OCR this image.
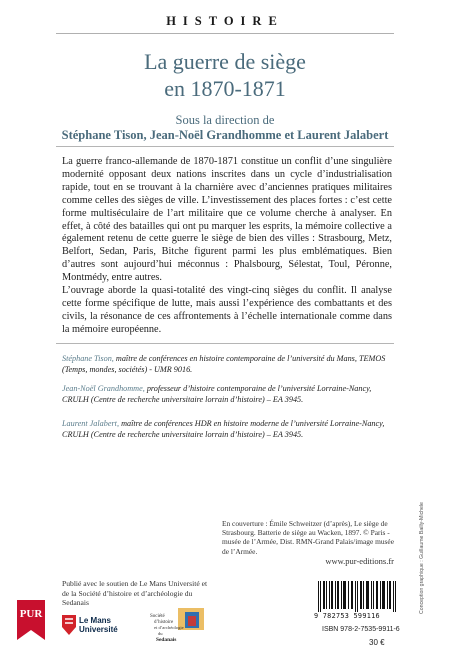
HISTOIRE
La guerre de siège
en 1870-1871
Sous la direction de
Stéphane Tison, Jean-Noël Grandhomme et Laurent Jalabert

La guerre franco-allemande de 1870-1871 constitue un conflit d’une singulière modernité opposant deux nations inscrites dans un cycle d’industrialisation rapide, tout en se trouvant à la charnière avec d’anciennes pratiques militaires comme celles des sièges de ville. L’investissement des places fortes : c’est cette forme multiséculaire de l’art militaire que ce volume cherche à analyser. En effet, à côté des batailles qui ont pu marquer les esprits, la mémoire collective a également retenu de cette guerre le siège de bien des villes : Strasbourg, Metz, Belfort, Sedan, Paris, Bitche figurent parmi les plus emblématiques. Bien d’autres sont aujourd’hui méconnus : Phalsbourg, Sélestat, Toul, Péronne, Montmédy, entre autres.

L’ouvrage aborde la quasi-totalité des vingt-cinq sièges du conflit. Il analyse cette forme spécifique de lutte, mais aussi l’expérience des combattants et des civils, la résonance de ces affrontements à l’échelle internationale comme dans la mémoire européenne.

Stéphane Tison, maître de conférences en histoire contemporaine de l’université du Mans, TEMOS (Temps, mondes, sociétés) - UMR 9016.
Jean-Noël Grandhomme, professeur d’histoire contemporaine de l’université Lorraine-Nancy, CRULH (Centre de recherche universitaire lorrain d’histoire) – EA 3945.
Laurent Jalabert, maître de conférences HDR en histoire moderne de l’université Lorraine-Nancy, CRULH (Centre de recherche universitaire lorrain d’histoire) – EA 3945.
En couverture : Émile Schweitzer (d’après), Le siège de Strasbourg. Batterie de siège au Wacken, 1897. © Paris - musée de l’Armée, Dist. RMN-Grand Palais/image musée de l’Armée.
www.pur-editions.fr	Conception graphique : Guillaume Bailly-Michele
Publié avec le soutien de Le Mans Université et de la Société d’histoire et d’archéologie du Sedanais
PUR
Le Mans
Université
Société
d’histoire
et d’archéologie
du
Sedanais
9 782753 599116
ISBN 978-2-7535-9911-6
30 €
